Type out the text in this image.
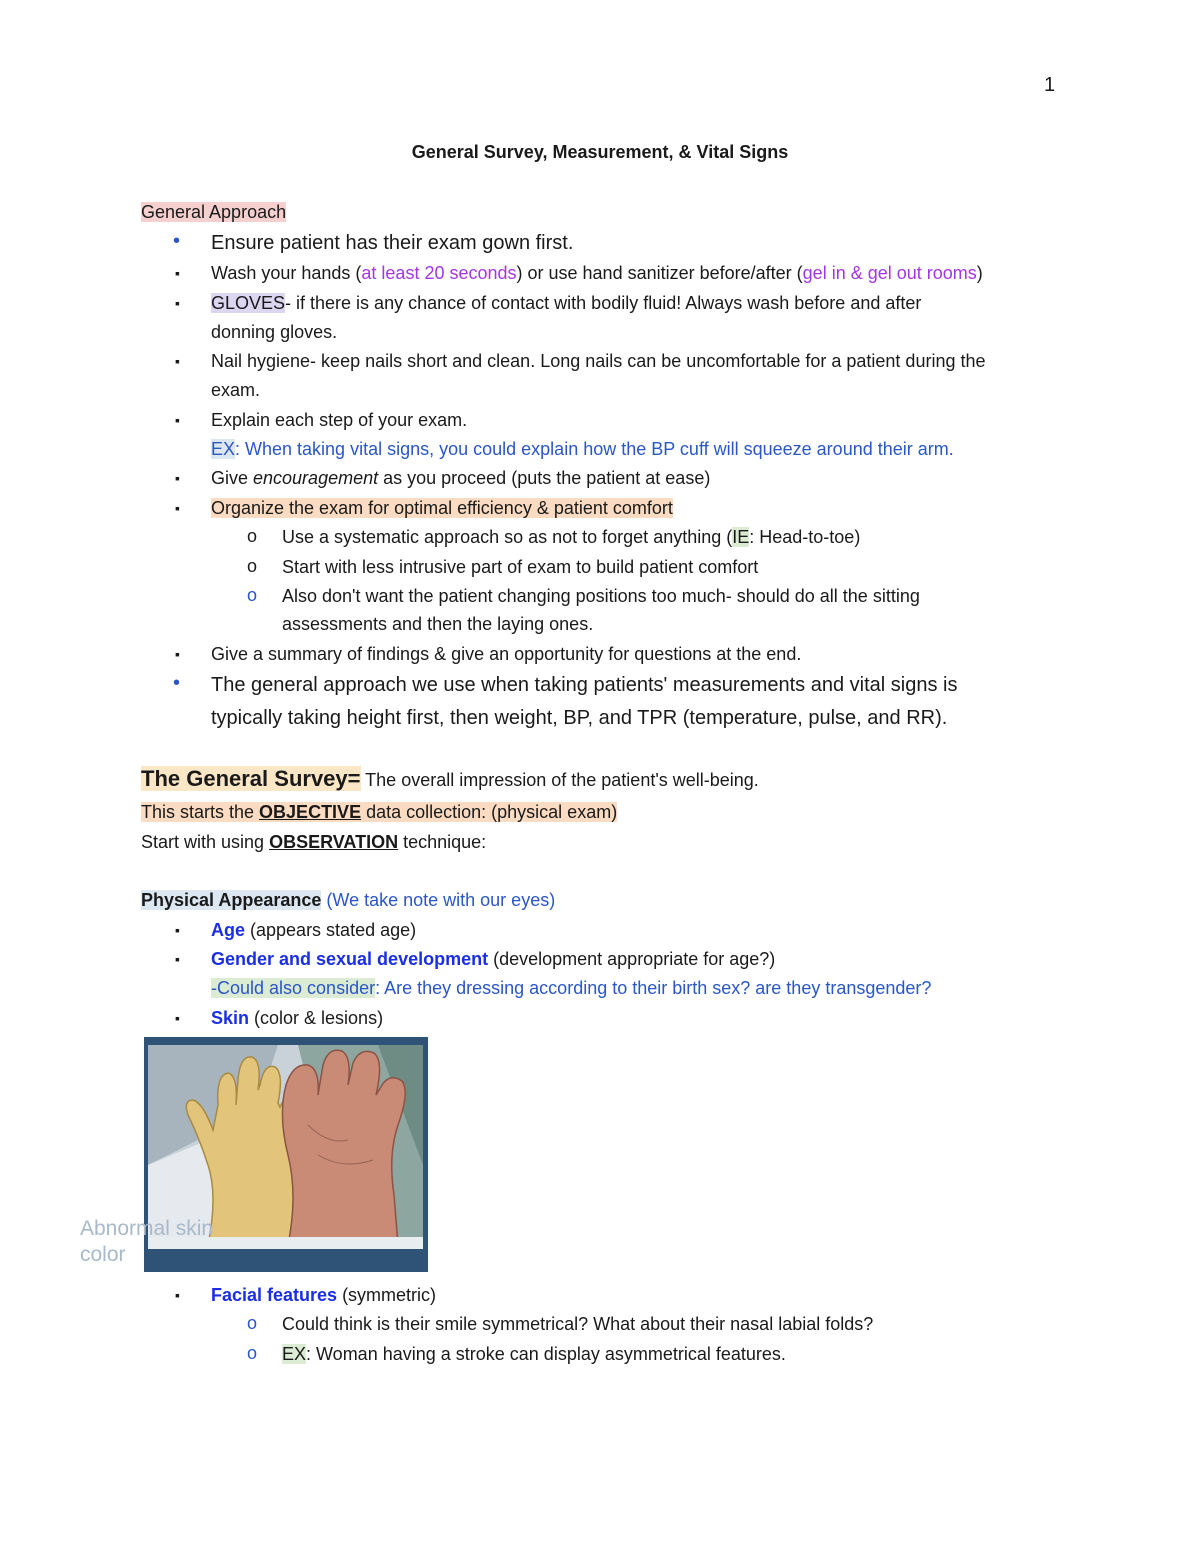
1
General Survey, Measurement, & Vital Signs
General Approach
• Ensure patient has their exam gown first.
▪ Wash your hands (at least 20 seconds) or use hand sanitizer before/after (gel in & gel out rooms)
▪ GLOVES- if there is any chance of contact with bodily fluid! Always wash before and after
donning gloves.
▪ Nail hygiene- keep nails short and clean. Long nails can be uncomfortable for a patient during the
exam.
▪ Explain each step of your exam.
EX: When taking vital signs, you could explain how the BP cuff will squeeze around their arm.
▪ Give encouragement as you proceed (puts the patient at ease)
▪ Organize the exam for optimal efficiency & patient comfort
o Use a systematic approach so as not to forget anything (IE: Head-to-toe)
o Start with less intrusive part of exam to build patient comfort
o Also don't want the patient changing positions too much- should do all the sitting
assessments and then the laying ones.
▪ Give a summary of findings & give an opportunity for questions at the end.
• The general approach we use when taking patients' measurements and vital signs is
typically taking height first, then weight, BP, and TPR (temperature, pulse, and RR).
The General Survey= The overall impression of the patient's well-being.
This starts the OBJECTIVE data collection: (physical exam)
Start with using OBSERVATION technique:
Physical Appearance (We take note with our eyes)
▪ Age (appears stated age)
▪ Gender and sexual development (development appropriate for age?)
-Could also consider: Are they dressing according to their birth sex? are they transgender?
▪ Skin (color & lesions)
Abnormal skin color
▪ Facial features (symmetric)
o Could think is their smile symmetrical? What about their nasal labial folds?
o EX: Woman having a stroke can display asymmetrical features.
